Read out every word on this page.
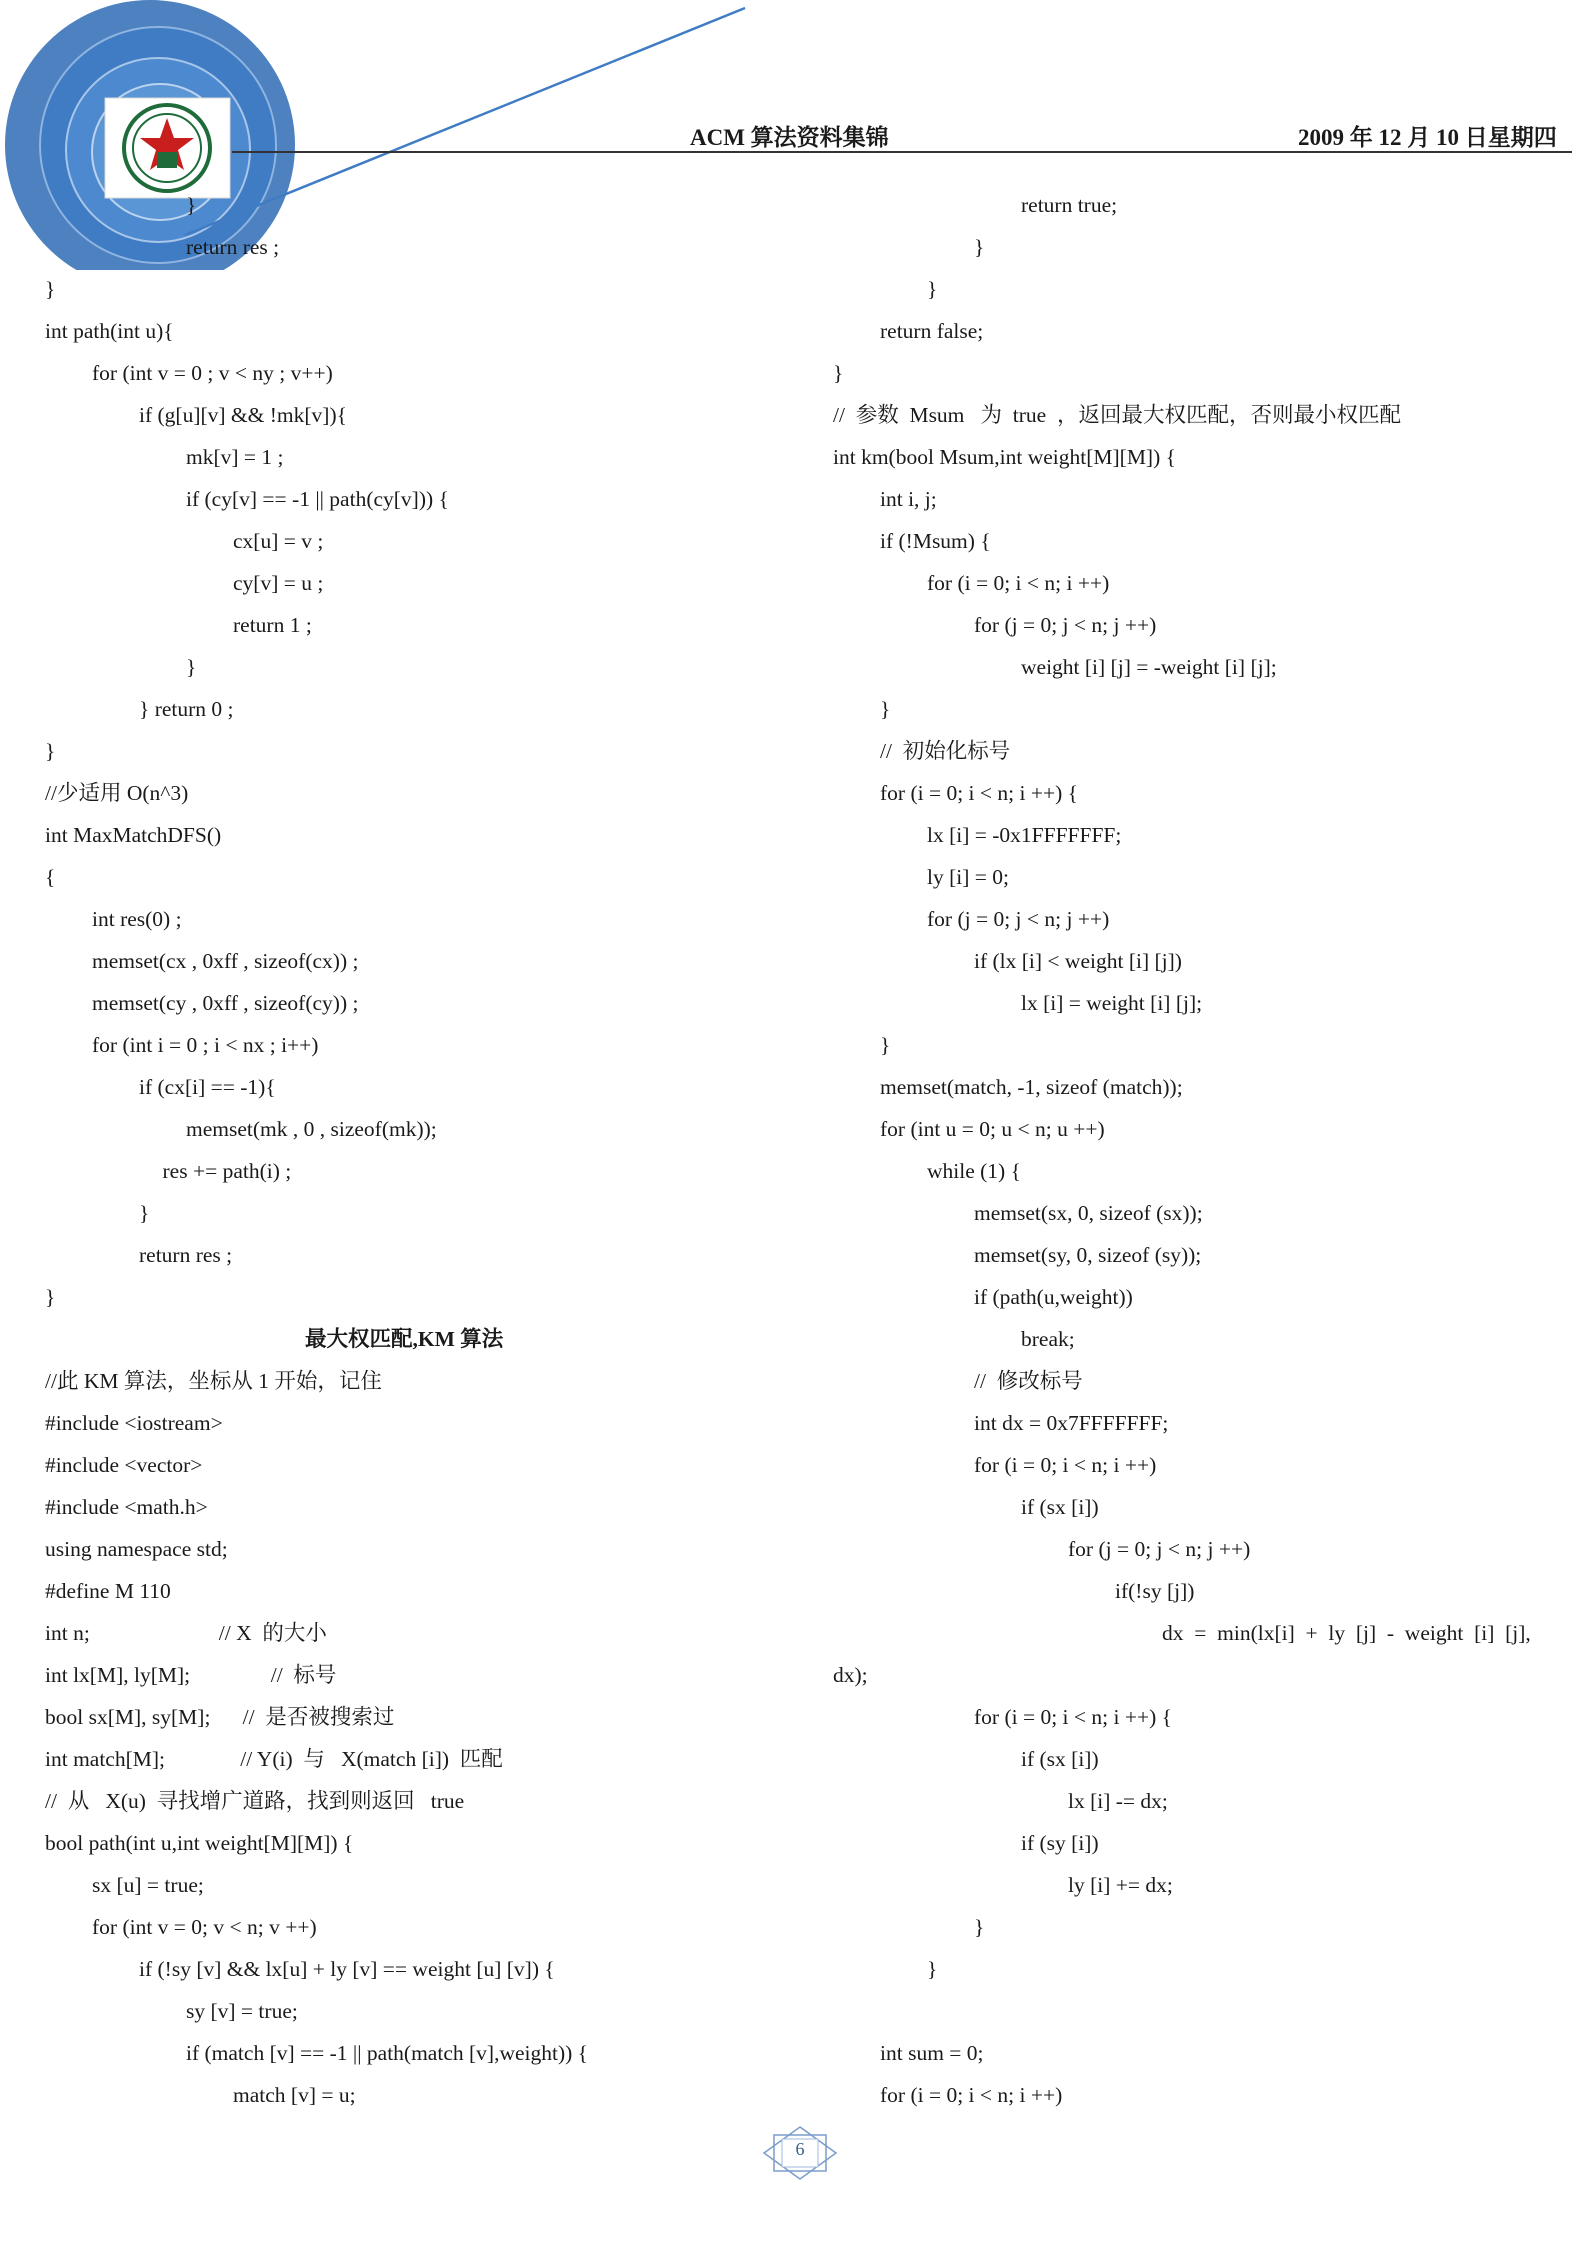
ACM 算法资料集锦	2009 年 12 月 10 日星期四
}
return res ;
}
int path(int u){
for (int v = 0 ; v < ny ; v++)
if (g[u][v] && !mk[v]){
mk[v] = 1 ;
if (cy[v] == -1 || path(cy[v])) {
cx[u] = v ;
cy[v] = u ;
return 1 ;
}
} return 0 ;
}
//少适用 O(n^3)
int MaxMatchDFS()
{
int res(0) ;
memset(cx , 0xff , sizeof(cx)) ;
memset(cy , 0xff , sizeof(cy)) ;
for (int i = 0 ; i < nx ; i++)
if (cx[i] == -1){
memset(mk , 0 , sizeof(mk));
res += path(i) ;
}
return res ;
}
最大权匹配,KM 算法
//此 KM 算法，坐标从 1 开始，记住
#include <iostream>
#include <vector>
#include <math.h>
using namespace std;
#define M 110
int n;                        // X  的大小
int lx[M], ly[M];               //  标号
bool sx[M], sy[M];      //  是否被搜索过
int match[M];              // Y(i)  与   X(match [i])  匹配
//  从   X(u)  寻找增广道路，找到则返回   true
bool path(int u,int weight[M][M]) {
sx [u] = true;
for (int v = 0; v < n; v ++)
if (!sy [v] && lx[u] + ly [v] == weight [u] [v]) {
sy [v] = true;
if (match [v] == -1 || path(match [v],weight)) {
match [v] = u;
return true;
}
}
return false;
}
//  参数  Msum   为  true  ，返回最大权匹配，否则最小权匹配
int km(bool Msum,int weight[M][M]) {
int i, j;
if (!Msum) {
for (i = 0; i < n; i ++)
for (j = 0; j < n; j ++)
weight [i] [j] = -weight [i] [j];
}
//  初始化标号
for (i = 0; i < n; i ++) {
lx [i] = -0x1FFFFFFF;
ly [i] = 0;
for (j = 0; j < n; j ++)
if (lx [i] < weight [i] [j])
lx [i] = weight [i] [j];
}
memset(match, -1, sizeof (match));
for (int u = 0; u < n; u ++)
while (1) {
memset(sx, 0, sizeof (sx));
memset(sy, 0, sizeof (sy));
if (path(u,weight))
break;
//  修改标号
int dx = 0x7FFFFFFF;
for (i = 0; i < n; i ++)
if (sx [i])
for (j = 0; j < n; j ++)
if(!sy [j])
dx  =  min(lx[i]  +  ly  [j]  -  weight  [i]  [j],
dx);
for (i = 0; i < n; i ++) {
if (sx [i])
lx [i] -= dx;
if (sy [i])
ly [i] += dx;
}
}
int sum = 0;
for (i = 0; i < n; i ++)
6
